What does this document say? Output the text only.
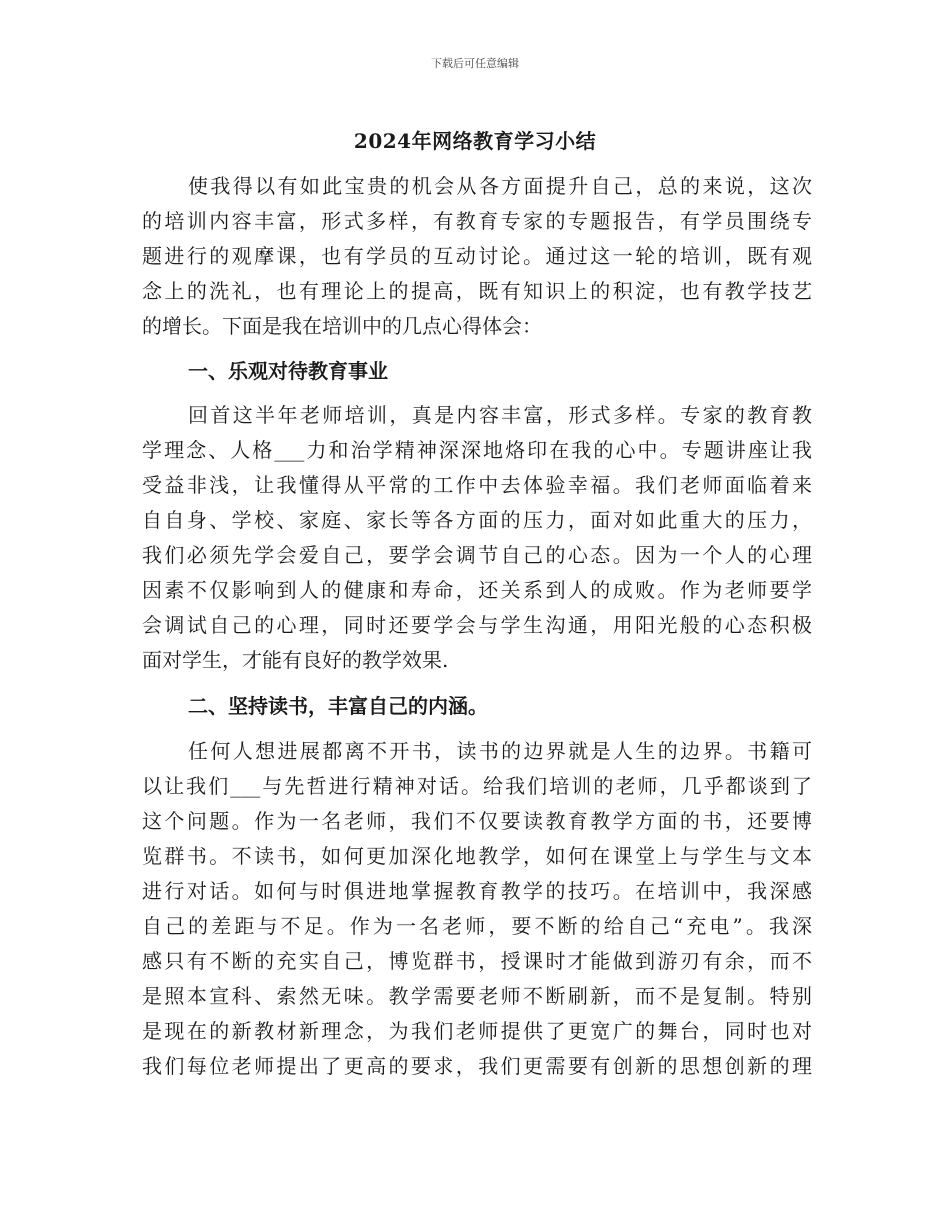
下载后可任意编辑
2024年网络教育学习小结
使我得以有如此宝贵的机会从各方面提升自己，总的来说，这次
的培训内容丰富，形式多样，有教育专家的专题报告，有学员围绕专
题进行的观摩课，也有学员的互动讨论。通过这一轮的培训，既有观
念上的洗礼，也有理论上的提高，既有知识上的积淀，也有教学技艺
的增长。下面是我在培训中的几点心得体会：
一、乐观对待教育事业
回首这半年老师培训，真是内容丰富，形式多样。专家的教育教
学理念、人格___力和治学精神深深地烙印在我的心中。专题讲座让我
受益非浅，让我懂得从平常的工作中去体验幸福。我们老师面临着来
自自身、学校、家庭、家长等各方面的压力，面对如此重大的压力，
我们必须先学会爱自己，要学会调节自己的心态。因为一个人的心理
因素不仅影响到人的健康和寿命，还关系到人的成败。作为老师要学
会调试自己的心理，同时还要学会与学生沟通，用阳光般的心态积极
面对学生，才能有良好的教学效果.
二、坚持读书，丰富自己的内涵。
任何人想进展都离不开书，读书的边界就是人生的边界。书籍可
以让我们___与先哲进行精神对话。给我们培训的老师，几乎都谈到了
这个问题。作为一名老师，我们不仅要读教育教学方面的书，还要博
览群书。不读书，如何更加深化地教学，如何在课堂上与学生与文本
进行对话。如何与时俱进地掌握教育教学的技巧。在培训中，我深感
自己的差距与不足。作为一名老师，要不断的给自己“充电”。我深
感只有不断的充实自己，博览群书，授课时才能做到游刃有余，而不
是照本宣科、索然无味。教学需要老师不断刷新，而不是复制。特别
是现在的新教材新理念，为我们老师提供了更宽广的舞台，同时也对
我们每位老师提出了更高的要求，我们更需要有创新的思想创新的理
